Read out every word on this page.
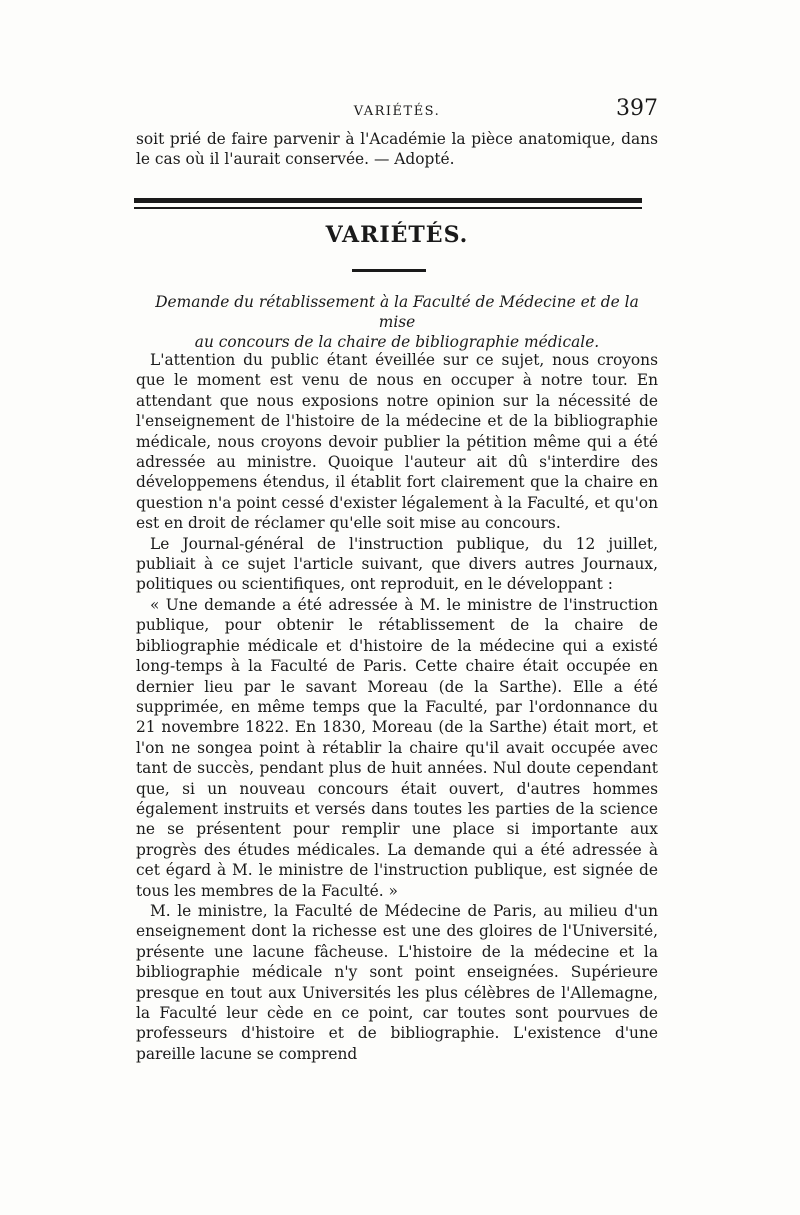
VARIÉTÉS.	397

soit prié de faire parvenir à l'Académie la pièce anatomique, dans le cas où il l'aurait conservée. — Adopté.

VARIÉTÉS.
Demande du rétablissement à la Faculté de Médecine et de la mise
au concours de la chaire de bibliographie médicale.

L'attention du public étant éveillée sur ce sujet, nous croyons que le moment est venu de nous en occuper à notre tour. En attendant que nous exposions notre opinion sur la nécessité de l'enseignement de l'histoire de la médecine et de la bibliographie médicale, nous croyons devoir publier la pétition même qui a été adressée au ministre. Quoique l'auteur ait dû s'interdire des développemens étendus, il établit fort clairement que la chaire en question n'a point cessé d'exister légalement à la Faculté, et qu'on est en droit de réclamer qu'elle soit mise au concours.

Le Journal-général de l'instruction publique, du 12 juillet, publiait à ce sujet l'article suivant, que divers autres Journaux, politiques ou scientifiques, ont reproduit, en le développant :

« Une demande a été adressée à M. le ministre de l'instruction publique, pour obtenir le rétablissement de la chaire de bibliographie médicale et d'histoire de la médecine qui a existé long-temps à la Faculté de Paris. Cette chaire était occupée en dernier lieu par le savant Moreau (de la Sarthe). Elle a été supprimée, en même temps que la Faculté, par l'ordonnance du 21 novembre 1822. En 1830, Moreau (de la Sarthe) était mort, et l'on ne songea point à rétablir la chaire qu'il avait occupée avec tant de succès, pendant plus de huit années. Nul doute cependant que, si un nouveau concours était ouvert, d'autres hommes également instruits et versés dans toutes les parties de la science ne se présentent pour remplir une place si importante aux progrès des études médicales. La demande qui a été adressée à cet égard à M. le ministre de l'instruction publique, est signée de tous les membres de la Faculté. »

M. le ministre, la Faculté de Médecine de Paris, au milieu d'un enseignement dont la richesse est une des gloires de l'Université, présente une lacune fâcheuse. L'histoire de la médecine et la bibliographie médicale n'y sont point enseignées. Supérieure presque en tout aux Universités les plus célèbres de l'Allemagne, la Faculté leur cède en ce point, car toutes sont pourvues de professeurs d'histoire et de bibliographie. L'existence d'une pareille lacune se comprend
